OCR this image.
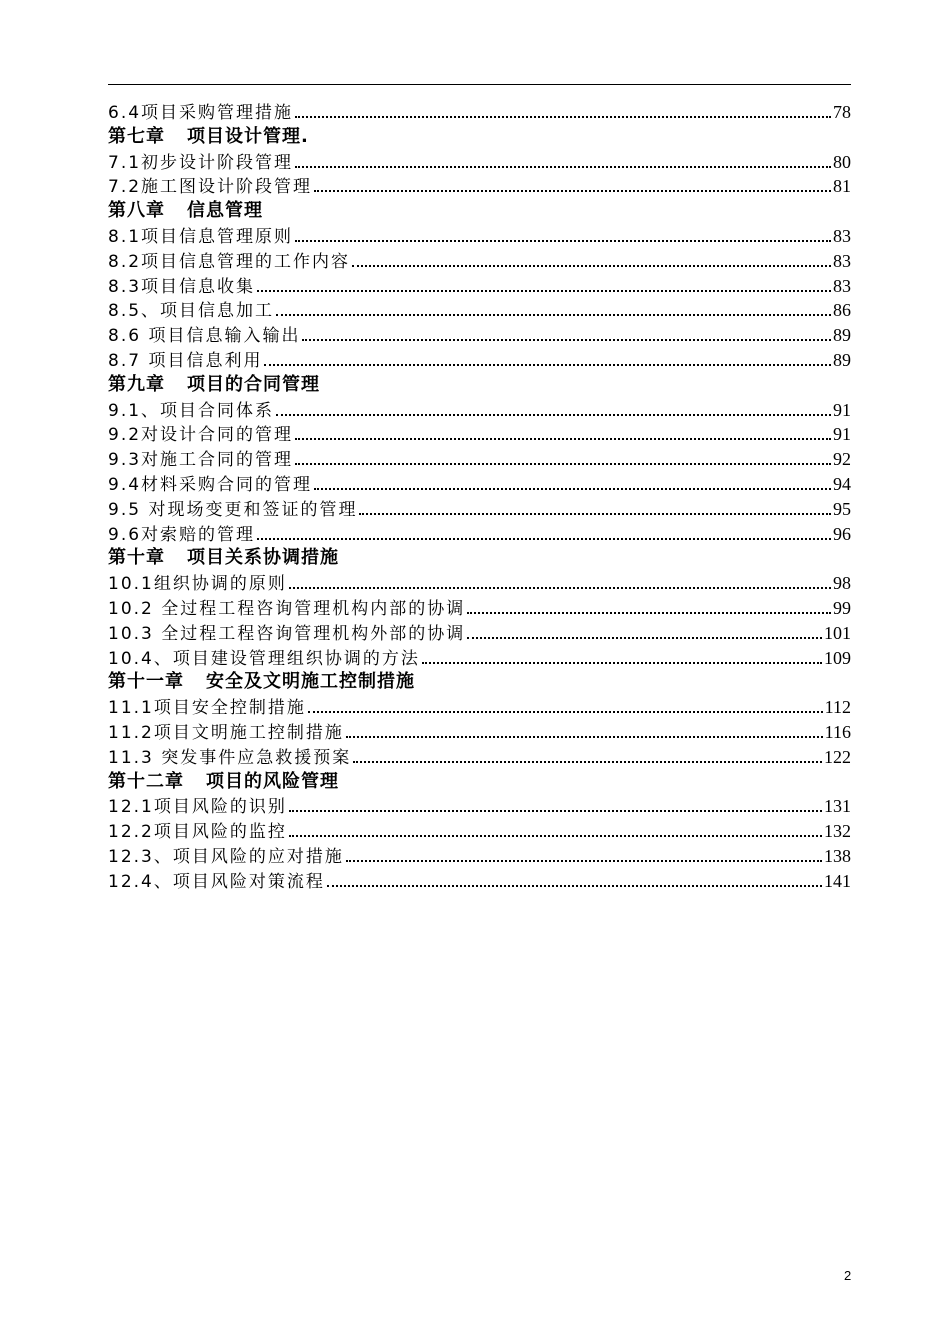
6.4项目采购管理措施	78
第七章 项目设计管理.
7.1初步设计阶段管理	80
7.2施工图设计阶段管理	81
第八章 信息管理
8.1项目信息管理原则	83
8.2项目信息管理的工作内容	83
8.3项目信息收集	83
8.5、项目信息加工	86
8.6 项目信息输入输出	89
8.7 项目信息利用	89
第九章 项目的合同管理
9.1、项目合同体系	91
9.2对设计合同的管理	91
9.3对施工合同的管理	92
9.4材料采购合同的管理	94
9.5 对现场变更和签证的管理	95
9.6对索赔的管理	96
第十章 项目关系协调措施
10.1组织协调的原则	98
10.2 全过程工程咨询管理机构内部的协调	99
10.3 全过程工程咨询管理机构外部的协调	101
10.4、项目建设管理组织协调的方法	109
第十一章 安全及文明施工控制措施
11.1项目安全控制措施	112
11.2项目文明施工控制措施	116
11.3 突发事件应急救援预案	122
第十二章 项目的风险管理
12.1项目风险的识别	131
12.2项目风险的监控	132
12.3、项目风险的应对措施	138
12.4、项目风险对策流程	141
2
